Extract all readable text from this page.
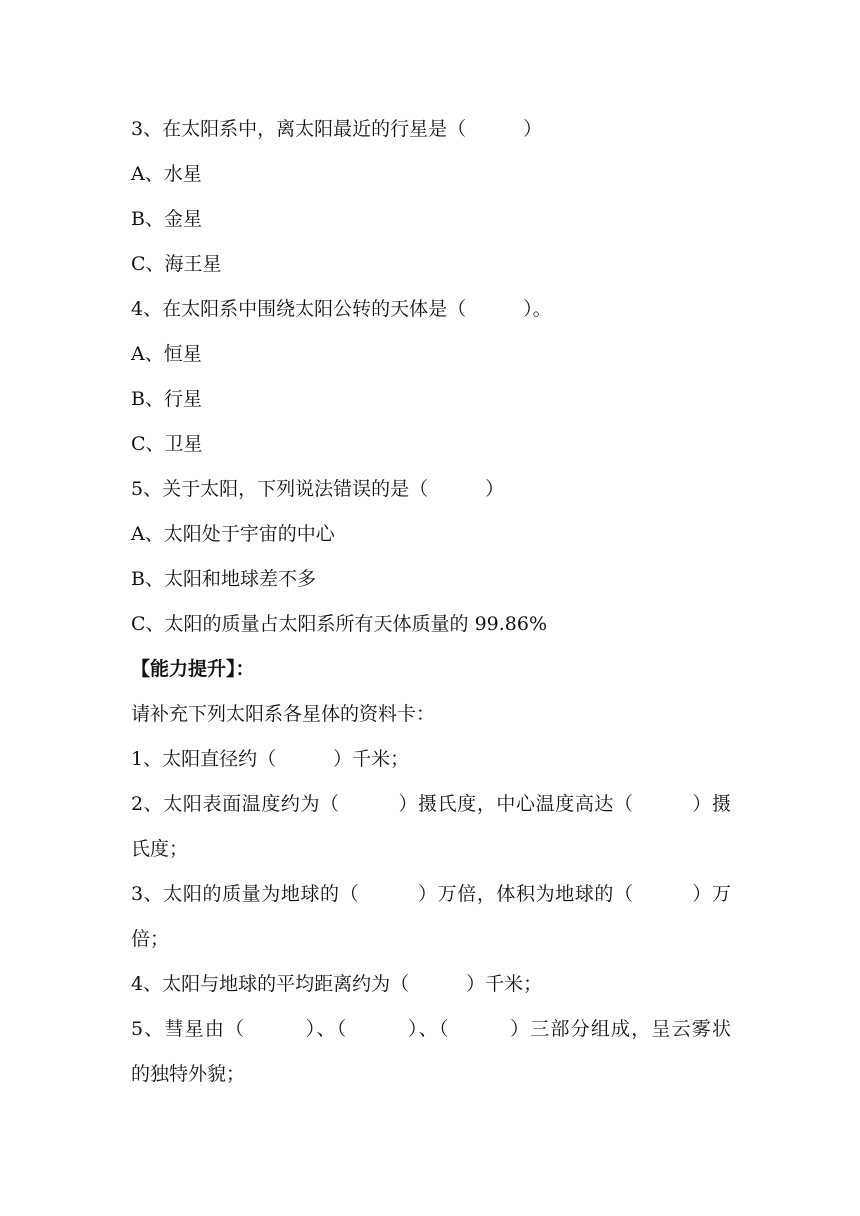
3、在太阳系中，离太阳最近的行星是（　　　）
A、水星
B、金星
C、海王星
4、在太阳系中围绕太阳公转的天体是（　　　）。
A、恒星
B、行星
C、卫星
5、关于太阳，下列说法错误的是（　　　）
A、太阳处于宇宙的中心
B、太阳和地球差不多
C、太阳的质量占太阳系所有天体质量的 99.86%
【能力提升】：
请补充下列太阳系各星体的资料卡：
1、太阳直径约（　　　）千米；
2、太阳表面温度约为（　　　）摄氏度，中心温度高达（　　　）摄
氏度；
3、太阳的质量为地球的（　　　）万倍，体积为地球的（　　　）万
倍；
4、太阳与地球的平均距离约为（　　　）千米；
5、彗星由（　　　）、（　　　）、（　　　）三部分组成，呈云雾状
的独特外貌；
